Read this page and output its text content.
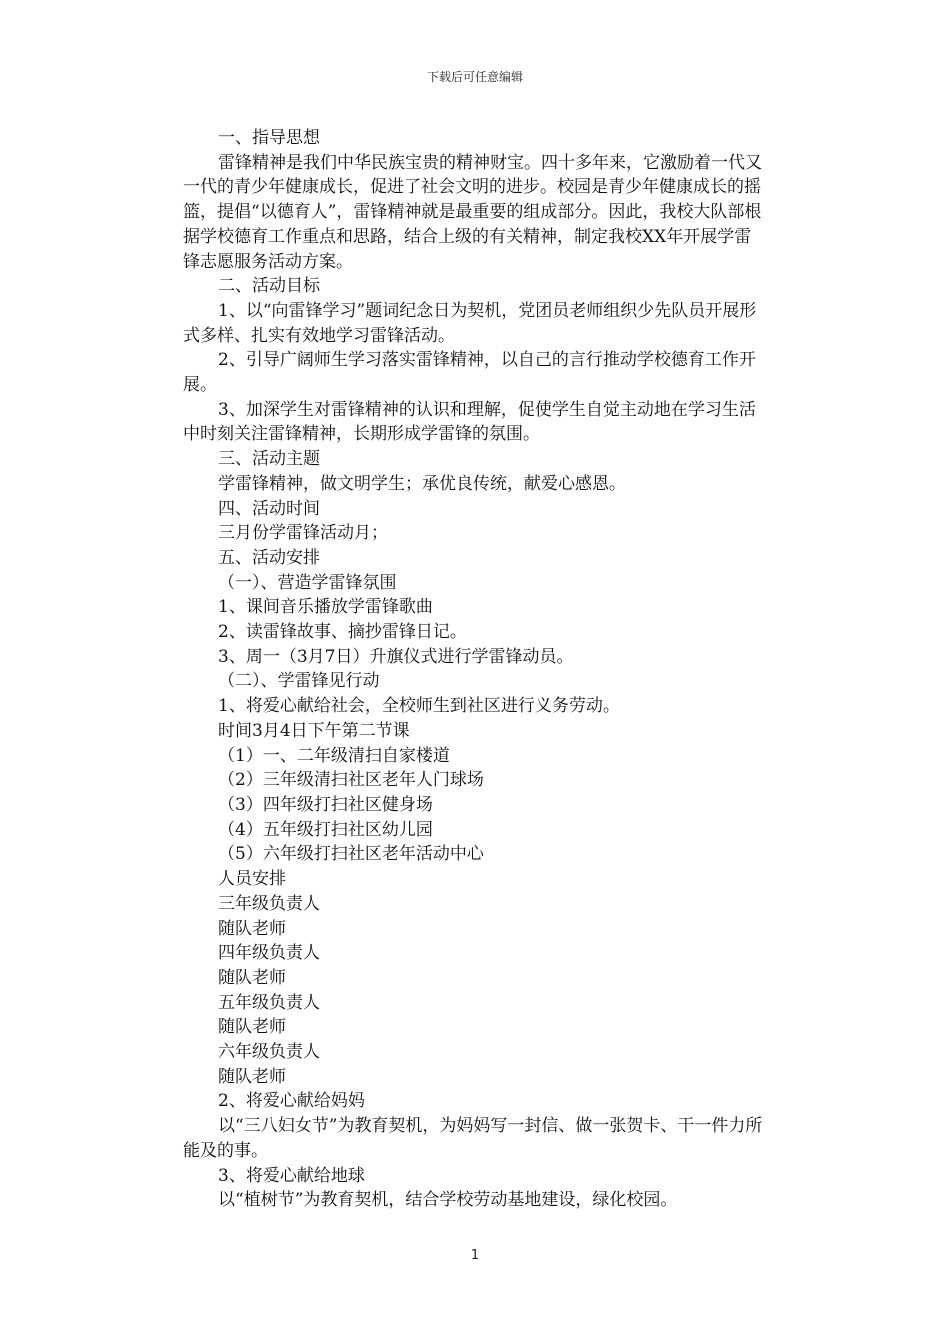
下载后可任意编辑

一、指导思想

雷锋精神是我们中华民族宝贵的精神财宝。四十多年来，它激励着一代又一代的青少年健康成长，促进了社会文明的进步。校园是青少年健康成长的摇篮，提倡“以德育人”，雷锋精神就是最重要的组成部分。因此，我校大队部根据学校德育工作重点和思路，结合上级的有关精神，制定我校XX年开展学雷锋志愿服务活动方案。

二、活动目标

1、以“向雷锋学习”题词纪念日为契机，党团员老师组织少先队员开展形式多样、扎实有效地学习雷锋活动。

2、引导广阔师生学习落实雷锋精神，以自己的言行推动学校德育工作开展。

3、加深学生对雷锋精神的认识和理解，促使学生自觉主动地在学习生活中时刻关注雷锋精神，长期形成学雷锋的氛围。

三、活动主题

学雷锋精神，做文明学生；承优良传统，献爱心感恩。

四、活动时间

三月份学雷锋活动月；

五、活动安排

（一）、营造学雷锋氛围

1、课间音乐播放学雷锋歌曲

2、读雷锋故事、摘抄雷锋日记。

3、周一（3月7日）升旗仪式进行学雷锋动员。

（二）、学雷锋见行动

1、将爱心献给社会，全校师生到社区进行义务劳动。

时间3月4日下午第二节课

（1）一、二年级清扫自家楼道

（2）三年级清扫社区老年人门球场

（3）四年级打扫社区健身场

（4）五年级打扫社区幼儿园

（5）六年级打扫社区老年活动中心

人员安排

三年级负责人

随队老师

四年级负责人

随队老师

五年级负责人

随队老师

六年级负责人

随队老师

2、将爱心献给妈妈

以“三八妇女节”为教育契机，为妈妈写一封信、做一张贺卡、干一件力所能及的事。

3、将爱心献给地球

以“植树节”为教育契机，结合学校劳动基地建设，绿化校园。

1
